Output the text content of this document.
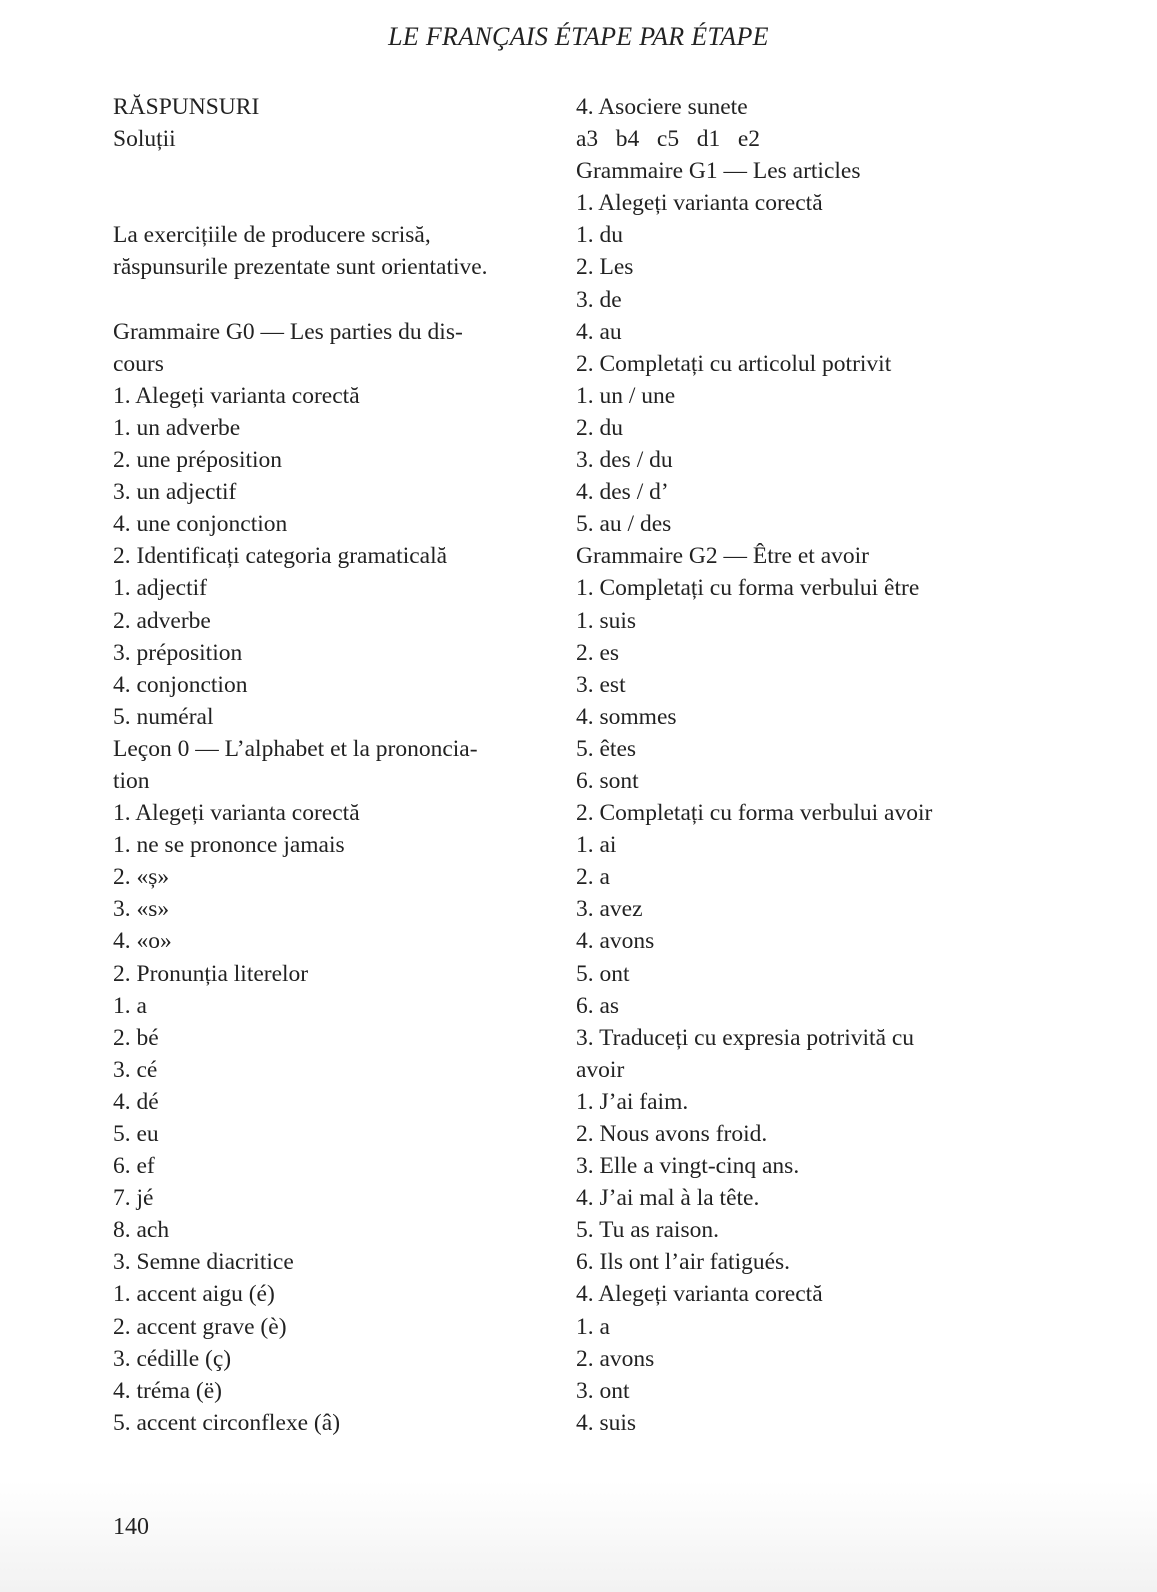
LE FRANÇAIS ÉTAPE PAR ÉTAPE
RĂSPUNSURI
Soluții
La exercițiile de producere scrisă,
răspunsurile prezentate sunt orientative.
Grammaire G0 — Les parties du dis-
cours
1. Alegeți varianta corectă
1. un adverbe
2. une préposition
3. un adjectif
4. une conjonction
2. Identificați categoria gramaticală
1. adjectif
2. adverbe
3. préposition
4. conjonction
5. numéral
Leçon 0 — L’alphabet et la prononcia-
tion
1. Alegeți varianta corectă
1. ne se prononce jamais
2. «ș»
3. «s»
4. «o»
2. Pronunția literelor
1. a
2. bé
3. cé
4. dé
5. eu
6. ef
7. jé
8. ach
3. Semne diacritice
1. accent aigu (é)
2. accent grave (è)
3. cédille (ç)
4. tréma (ë)
5. accent circonflexe (â)
4. Asociere sunete
a3   b4   c5   d1   e2
Grammaire G1 — Les articles
1. Alegeți varianta corectă
1. du
2. Les
3. de
4. au
2. Completați cu articolul potrivit
1. un / une
2. du
3. des / du
4. des / d’
5. au / des
Grammaire G2 — Être et avoir
1. Completați cu forma verbului être
1. suis
2. es
3. est
4. sommes
5. êtes
6. sont
2. Completați cu forma verbului avoir
1. ai
2. a
3. avez
4. avons
5. ont
6. as
3. Traduceți cu expresia potrivită cu
avoir
1. J’ai faim.
2. Nous avons froid.
3. Elle a vingt-cinq ans.
4. J’ai mal à la tête.
5. Tu as raison.
6. Ils ont l’air fatigués.
4. Alegeți varianta corectă
1. a
2. avons
3. ont
4. suis
140
